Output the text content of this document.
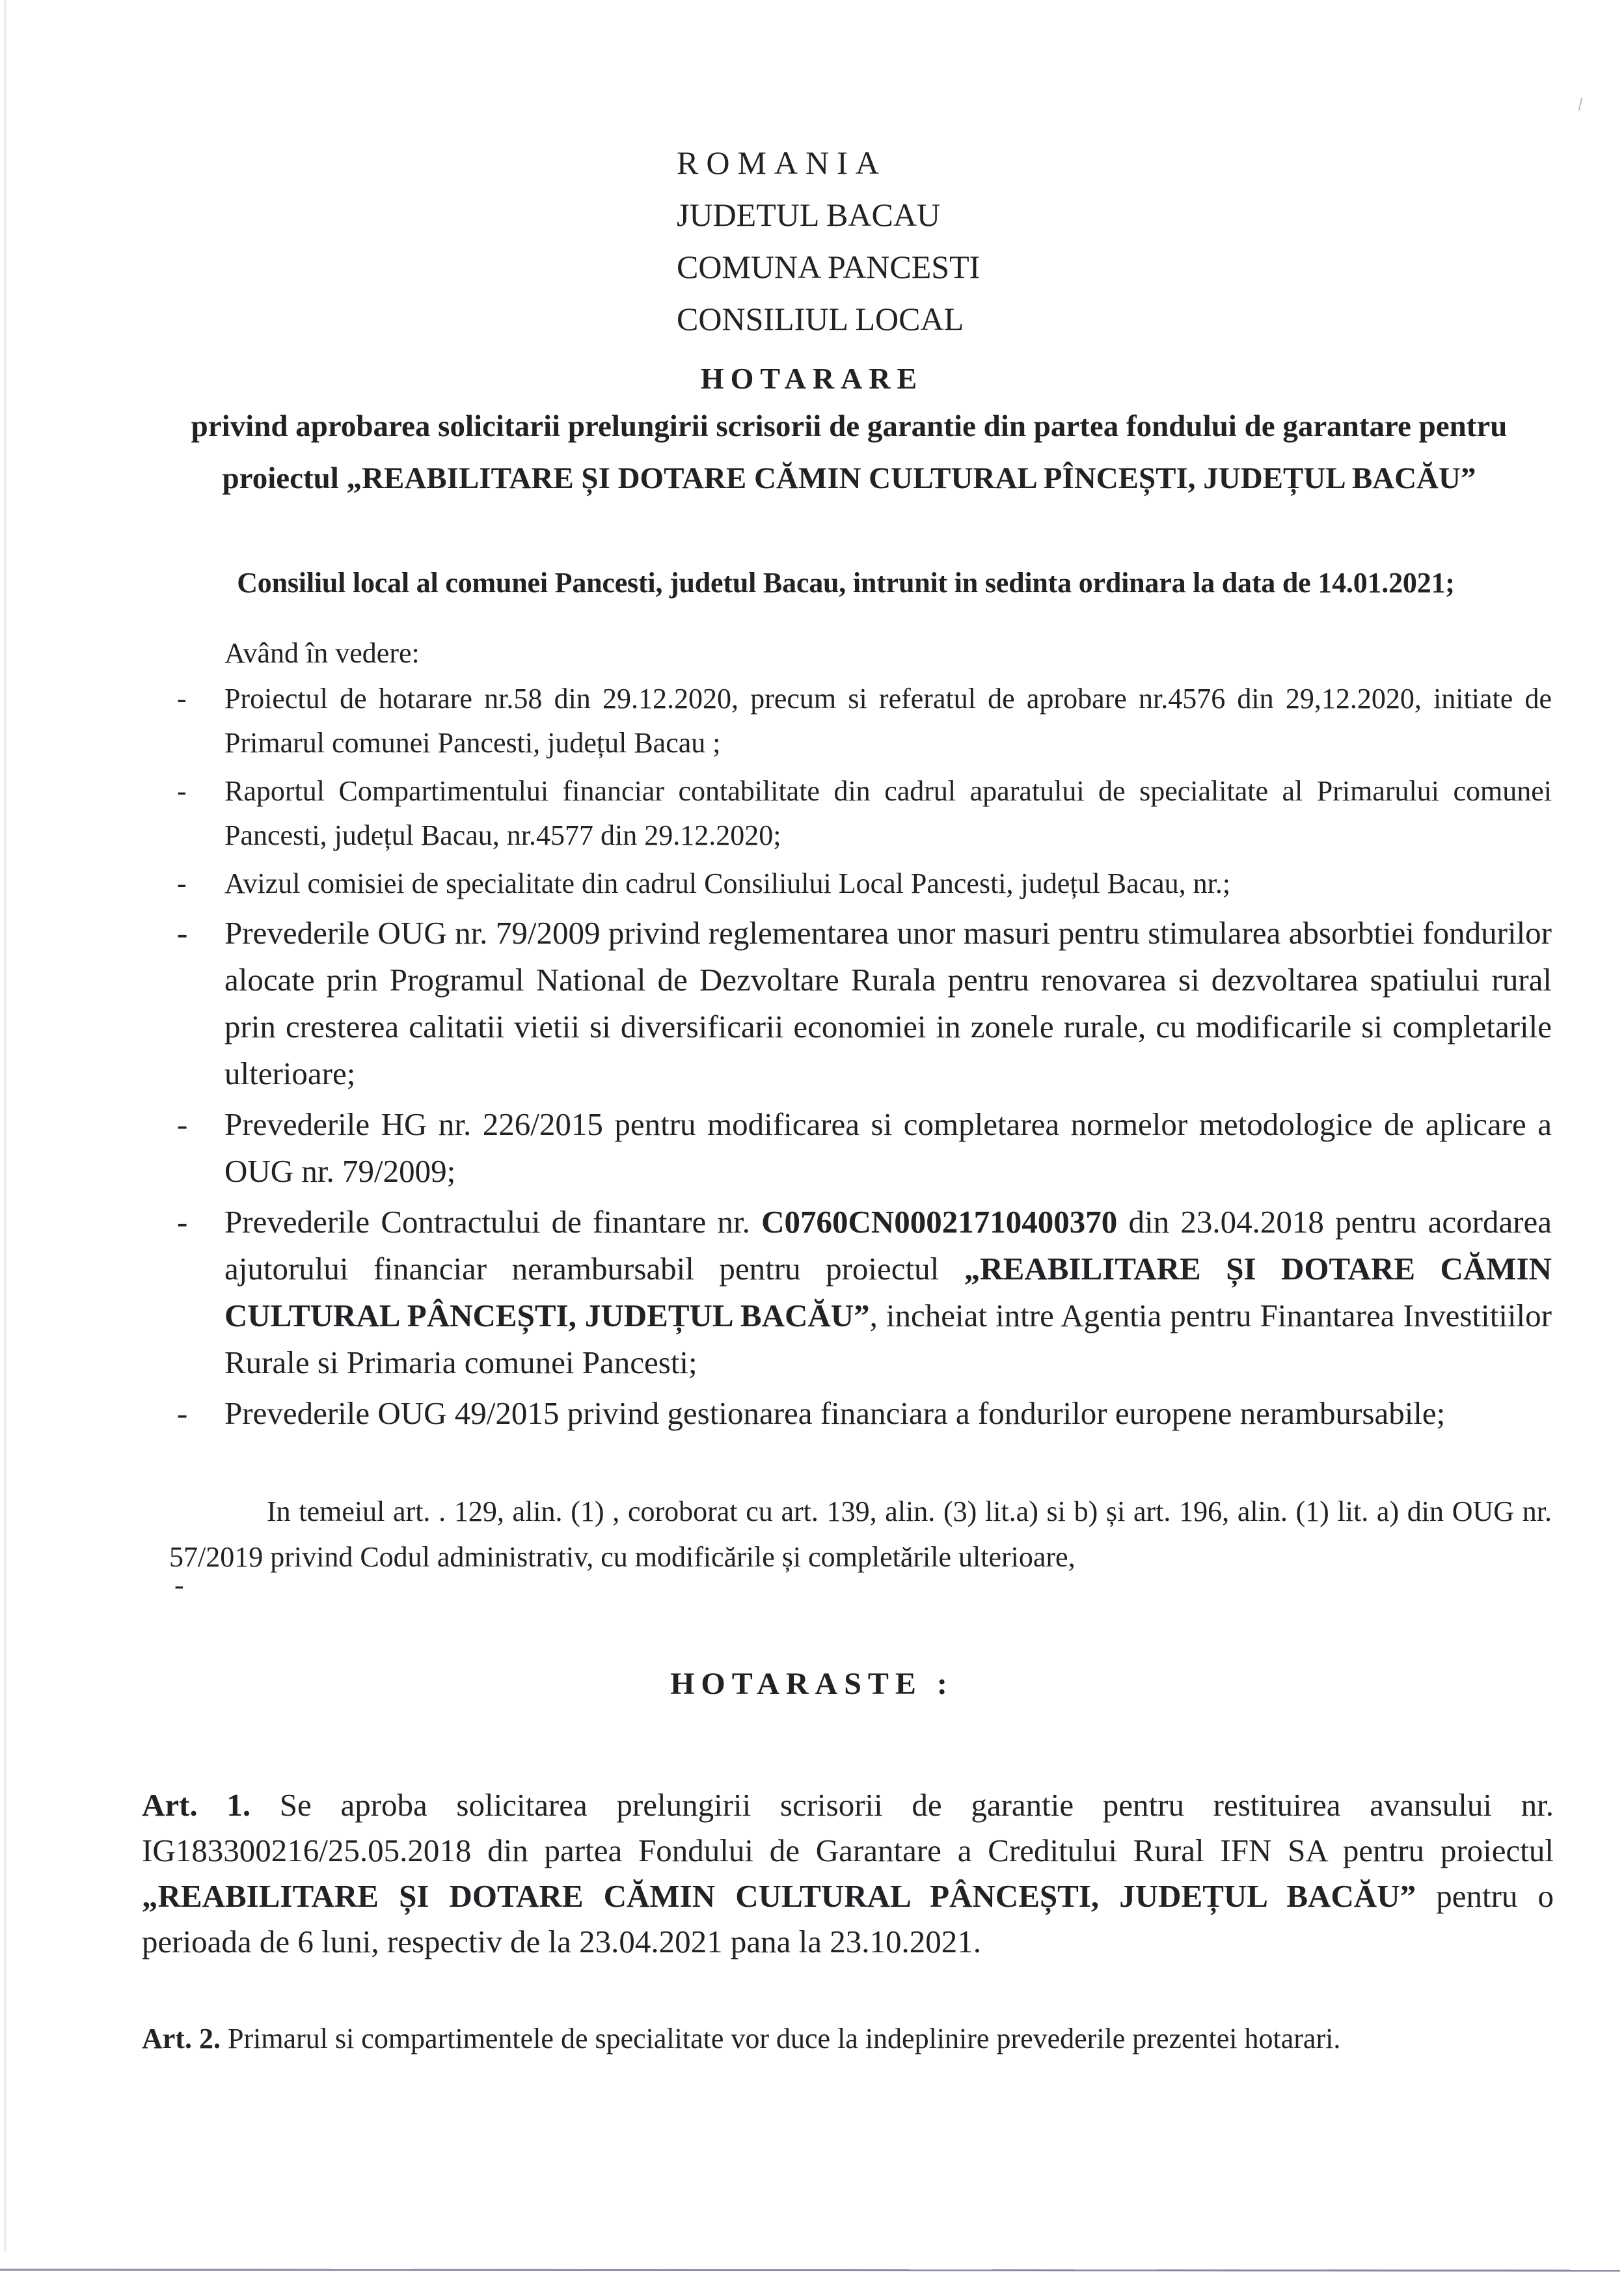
ROMANIA
JUDETUL BACAU
COMUNA PANCESTI
CONSILIUL LOCAL
HOTARARE
privind aprobarea solicitarii prelungirii scrisorii de garantie din partea fondului de garantare pentru proiectul „REABILITARE ȘI DOTARE CĂMIN CULTURAL PÎNCEȘTI, JUDEȚUL BACĂU”
Consiliul local al comunei Pancesti, judetul Bacau, intrunit in sedinta ordinara la data de 14.01.2021;
Având în vedere:
- Proiectul de hotarare nr.58 din 29.12.2020, precum si referatul de aprobare nr.4576 din 29,12.2020, initiate de Primarul comunei Pancesti, județul Bacau ;
- Raportul Compartimentului financiar contabilitate din cadrul aparatului de specialitate al Primarului comunei Pancesti, județul Bacau, nr.4577 din 29.12.2020;
- Avizul comisiei de specialitate din cadrul Consiliului Local Pancesti, județul Bacau, nr.;
- Prevederile OUG nr. 79/2009 privind reglementarea unor masuri pentru stimularea absorbtiei fondurilor alocate prin Programul National de Dezvoltare Rurala pentru renovarea si dezvoltarea spatiului rural prin cresterea calitatii vietii si diversificarii economiei in zonele rurale, cu modificarile si completarile ulterioare;
- Prevederile HG nr. 226/2015 pentru modificarea si completarea normelor metodologice de aplicare a OUG nr. 79/2009;
- Prevederile Contractului de finantare nr. C0760CN00021710400370 din 23.04.2018 pentru acordarea ajutorului financiar nerambursabil pentru proiectul „REABILITARE ȘI DOTARE CĂMIN CULTURAL PÂNCEȘTI, JUDEȚUL BACĂU”, incheiat intre Agentia pentru Finantarea Investitiilor Rurale si Primaria comunei Pancesti;
- Prevederile OUG 49/2015 privind gestionarea financiara a fondurilor europene nerambursabile;

In temeiul art. . 129, alin. (1) , coroborat cu art. 139, alin. (3) lit.a) si b) și art. 196, alin. (1) lit. a) din OUG nr. 57/2019 privind Codul administrativ, cu modificările și completările ulterioare,

-
HOTARASTE :

Art. 1. Se aproba solicitarea prelungirii scrisorii de garantie pentru restituirea avansului nr. IG183300216/25.05.2018 din partea Fondului de Garantare a Creditului Rural IFN SA pentru proiectul „REABILITARE ȘI DOTARE CĂMIN CULTURAL PÂNCEȘTI, JUDEȚUL BACĂU” pentru o perioada de 6 luni, respectiv de la 23.04.2021 pana la 23.10.2021.

Art. 2. Primarul si compartimentele de specialitate vor duce la indeplinire prevederile prezentei hotarari.
